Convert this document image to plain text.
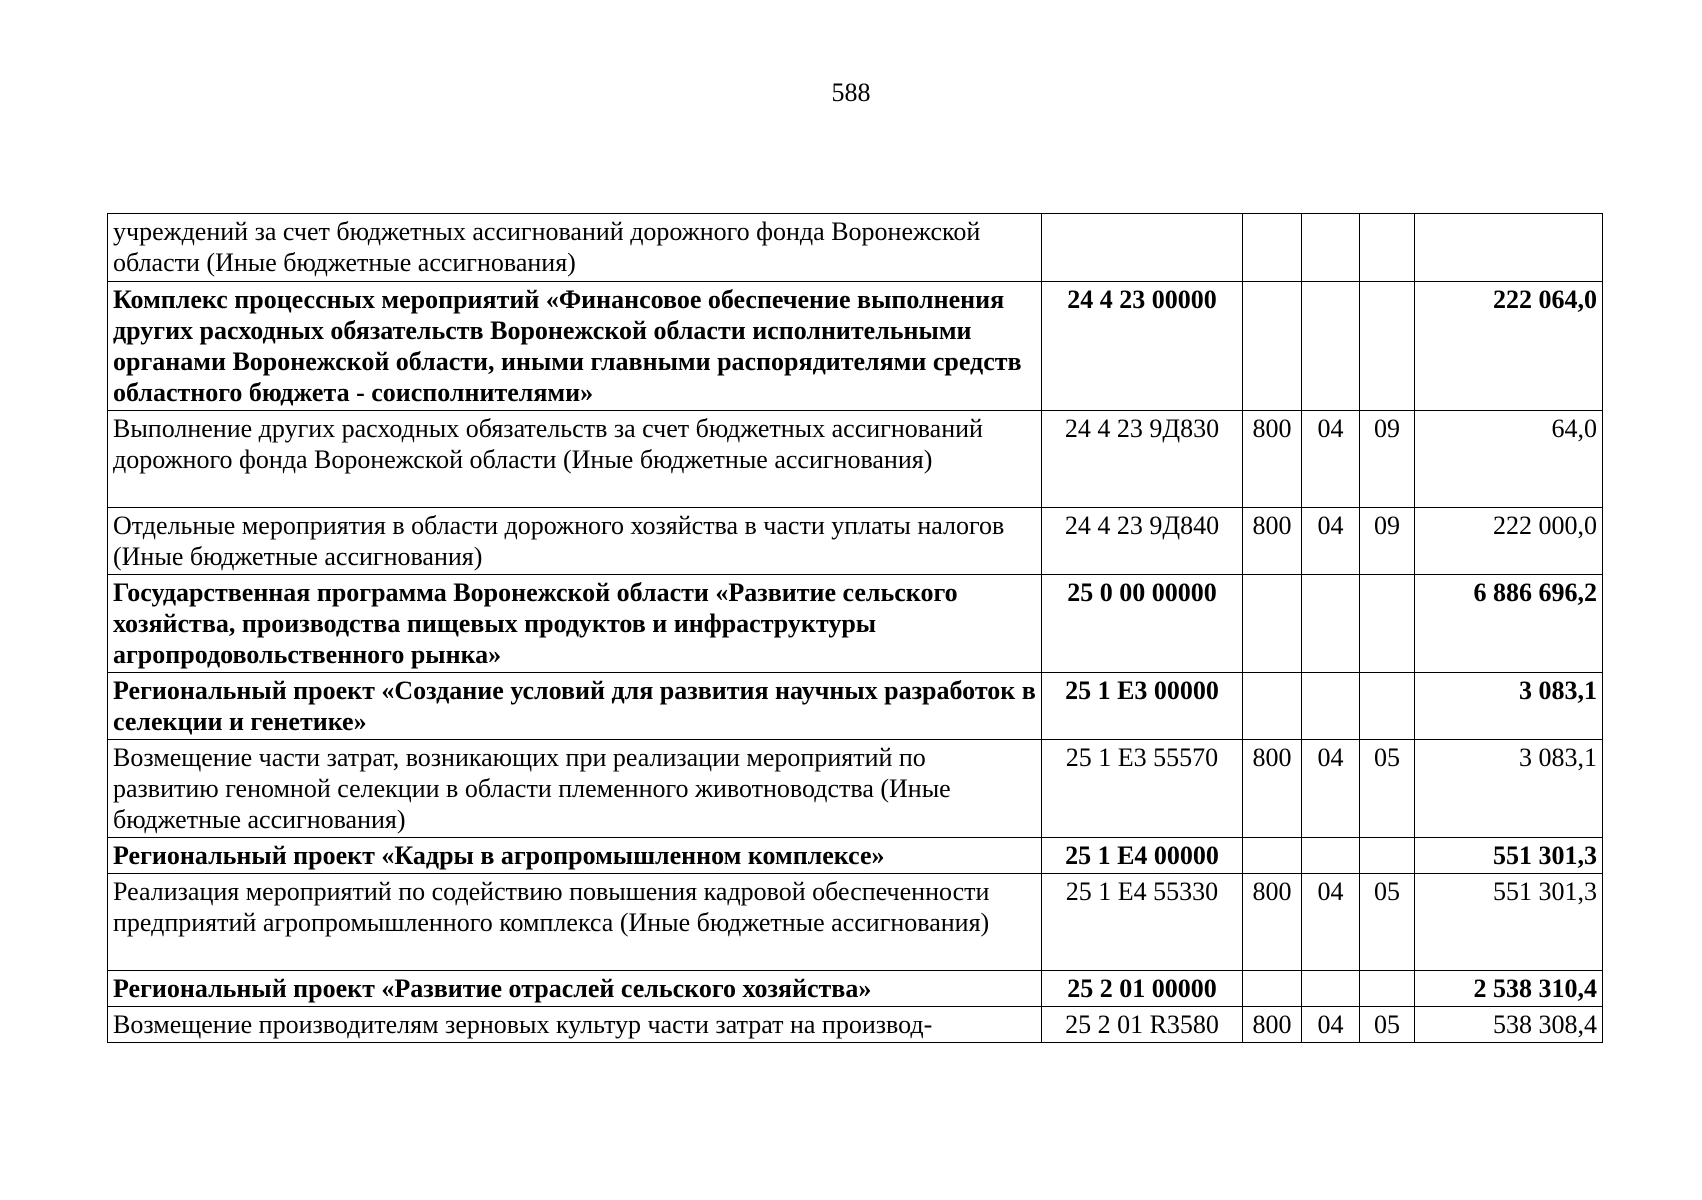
588
учреждений за счет бюджетных ассигнований дорожного фонда Воронежской области (Иные бюджетные ассигнования)					
Комплекс процессных мероприятий «Финансовое обеспечение выполнения других расходных обязательств Воронежской области исполнительными органами Воронежской области, иными главными распорядителями средств областного бюджета - соисполнителями»	24 4 23 00000				222 064,0
Выполнение других расходных обязательств за счет бюджетных ассигнований дорожного фонда Воронежской области (Иные бюджетные ассигнования)	24 4 23 9Д830	800	04	09	64,0
Отдельные мероприятия в области дорожного хозяйства в части уплаты налогов (Иные бюджетные ассигнования)	24 4 23 9Д840	800	04	09	222 000,0
Государственная программа Воронежской области «Развитие сельского хозяйства, производства пищевых продуктов и инфраструктуры агропродовольственного рынка»	25 0 00 00000				6 886 696,2
Региональный проект «Создание условий для развития научных разработок в селекции и генетике»	25 1 Е3 00000				3 083,1
Возмещение части затрат, возникающих при реализации мероприятий по развитию геномной селекции в области племенного животноводства (Иные бюджетные ассигнования)	25 1 Е3 55570	800	04	05	3 083,1
Региональный проект «Кадры в агропромышленном комплексе»	25 1 Е4 00000				551 301,3
Реализация мероприятий по содействию повышения кадровой обеспеченности предприятий агропромышленного комплекса (Иные бюджетные ассигнования)	25 1 Е4 55330	800	04	05	551 301,3
Региональный проект «Развитие отраслей сельского хозяйства»	25 2 01 00000				2 538 310,4
Возмещение производителям зерновых культур части затрат на производ-	25 2 01 R3580	800	04	05	538 308,4
